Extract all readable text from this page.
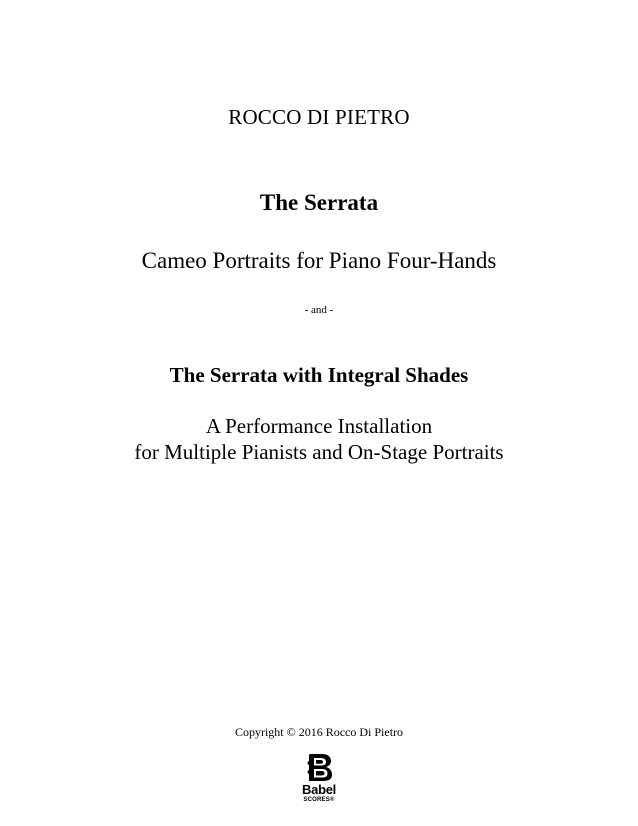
ROCCO DI PIETRO
The Serrata
Cameo Portraits for Piano Four-Hands
- and -
The Serrata with Integral Shades
A Performance Installation
for Multiple Pianists and On-Stage Portraits
Copyright © 2016 Rocco Di Pietro
Babel
SCORES®
